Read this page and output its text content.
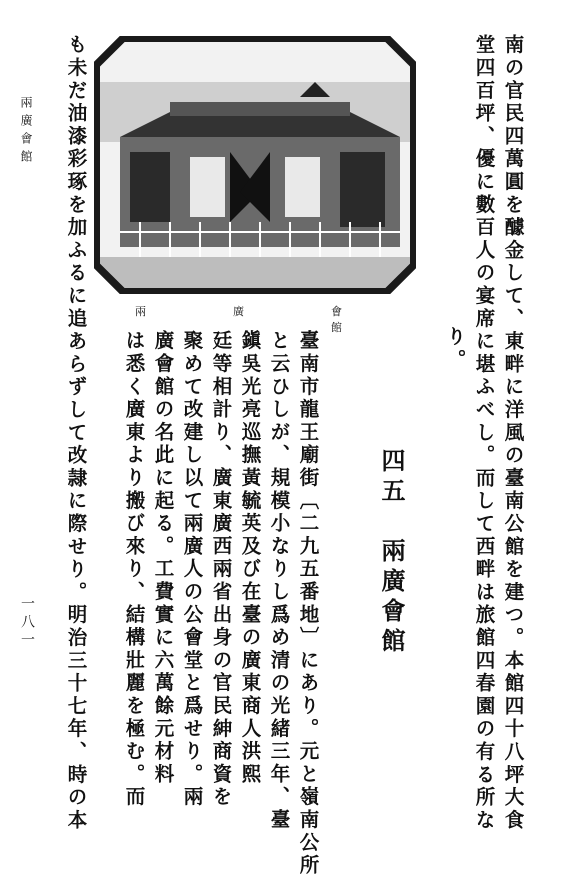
南の官民四萬圓を醵金して、東畔に洋風の臺南公館を建つ。本館四十八坪大食
堂四百坪、優に數百人の宴席に堪ふべし。而して西畔は旅館四春園の有る所な
り。
四五　兩廣會館
兩　廣　會　館
臺南市龍王廟街〔二九五番地〕にあり。元と嶺南公所
と云ひしが、規模小なりし爲め清の光緒三年、臺
鎭吳光亮巡撫黃毓英及び在臺の廣東商人洪熙
廷等相計り、廣東廣西兩省出身の官民紳商資を
聚めて改建し以て兩廣人の公會堂と爲せり。兩
廣會館の名此に起る。工費實に六萬餘元材料
は悉く廣東より搬び來り、結構壯麗を極む。而
も未だ油漆彩琢を加ふるに追あらずして改隷に際せり。明治三十七年、時の本
兩廣會館
一八一
